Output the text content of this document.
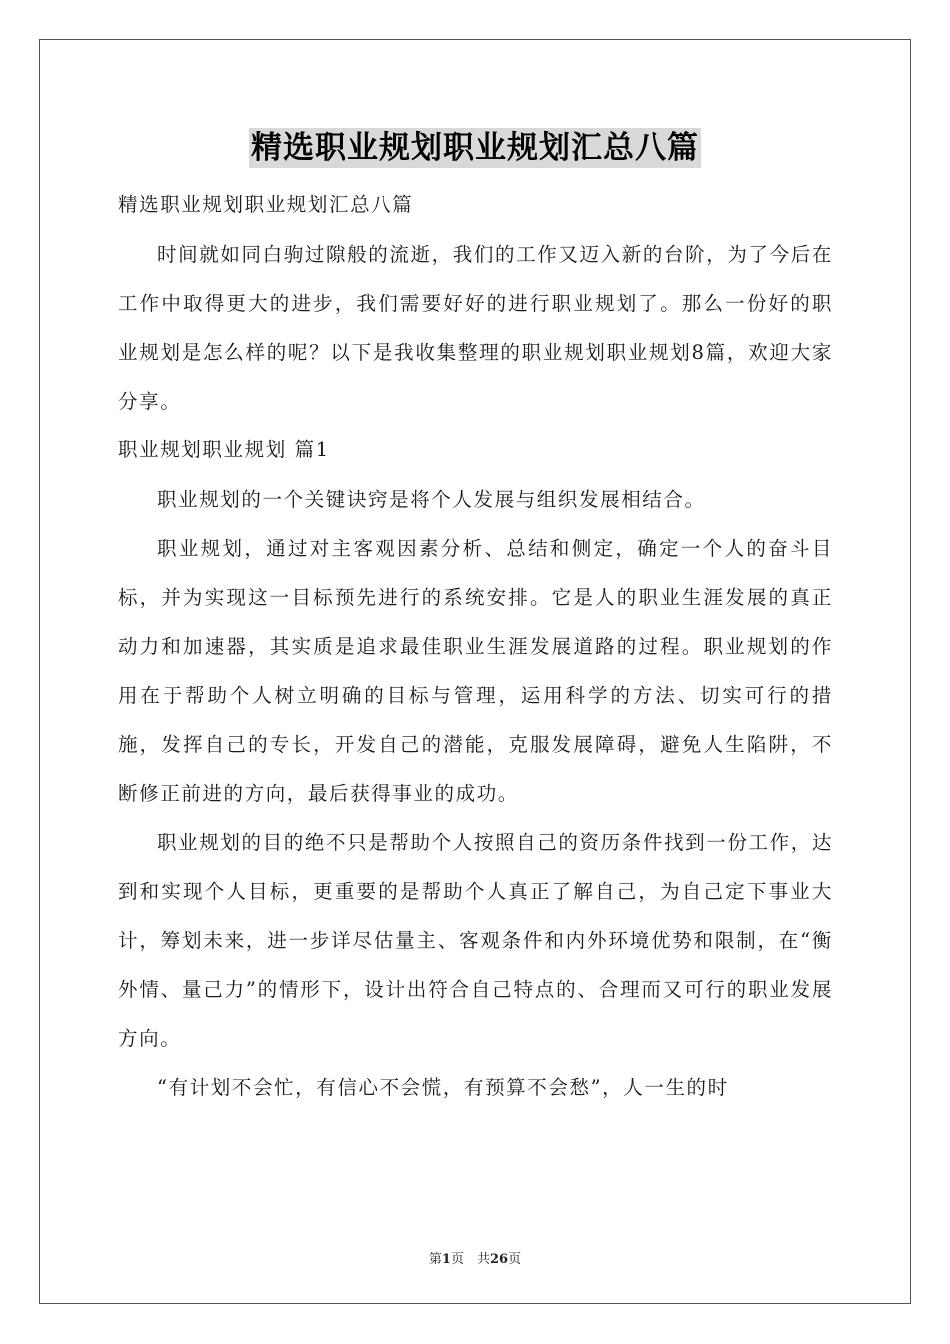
精选职业规划职业规划汇总八篇

精选职业规划职业规划汇总八篇

时间就如同白驹过隙般的流逝，我们的工作又迈入新的台阶，为了今后在工作中取得更大的进步，我们需要好好的进行职业规划了。那么一份好的职业规划是怎么样的呢？以下是我收集整理的职业规划职业规划8篇，欢迎大家分享。

职业规划职业规划 篇1

职业规划的一个关键诀窍是将个人发展与组织发展相结合。

职业规划，通过对主客观因素分析、总结和侧定，确定一个人的奋斗目标，并为实现这一目标预先进行的系统安排。它是人的职业生涯发展的真正动力和加速器，其实质是追求最佳职业生涯发展道路的过程。职业规划的作用在于帮助个人树立明确的目标与管理，运用科学的方法、切实可行的措施，发挥自己的专长，开发自己的潜能，克服发展障碍，避免人生陷阱，不断修正前进的方向，最后获得事业的成功。

职业规划的目的绝不只是帮助个人按照自己的资历条件找到一份工作，达到和实现个人目标，更重要的是帮助个人真正了解自己，为自己定下事业大计，筹划未来，进一步详尽估量主、客观条件和内外环境优势和限制，在“衡外情、量己力”的情形下，设计出符合自己特点的、合理而又可行的职业发展方向。

“有计划不会忙，有信心不会慌，有预算不会愁”，人一生的时

第1页　共26页
